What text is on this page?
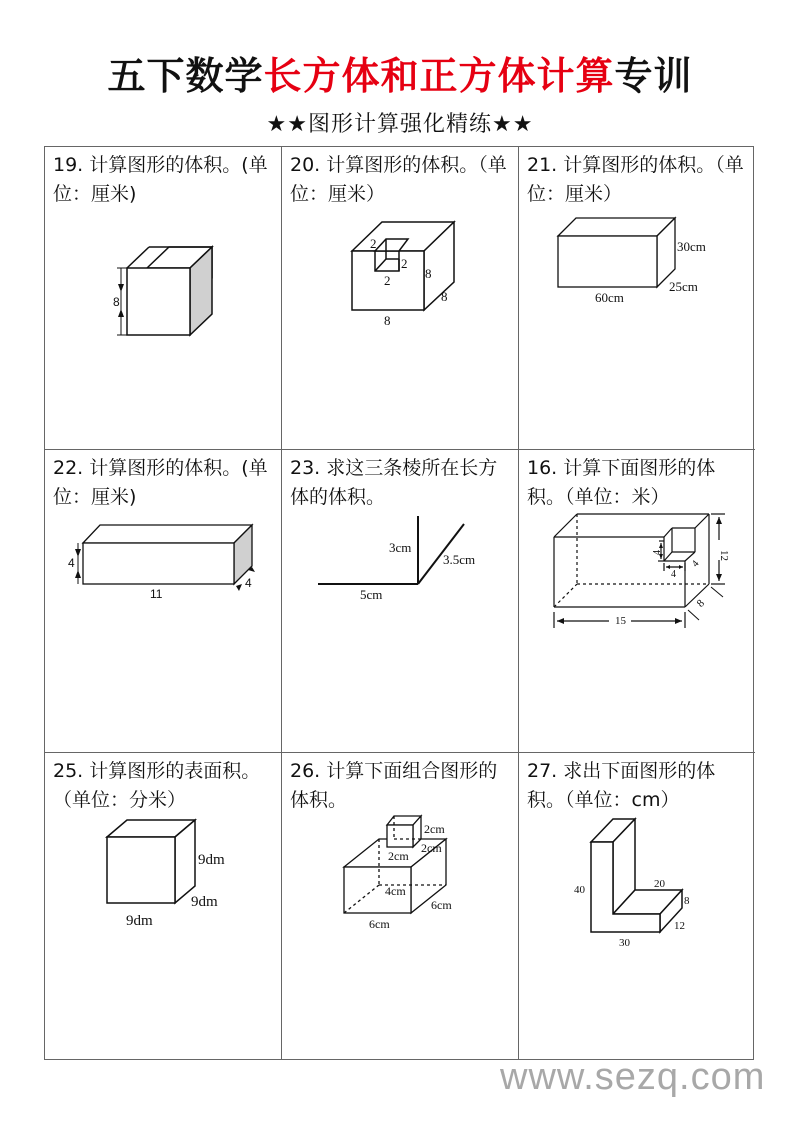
五下数学长方体和正方体计算专训
★★图形计算强化精练★★
19. 计算图形的体积。(单位：厘米)
8
20. 计算图形的体积。（单位：厘米）
2
2
2	8
8
8
21. 计算图形的体积。（单位：厘米）
30cm
25cm
60cm
22. 计算图形的体积。(单位：厘米)
4
4
11
23. 求这三条棱所在长方体的体积。
3cm
3.5cm
5cm
16. 计算下面图形的体积。（单位：米）
15
12
4
4
4
8
25. 计算图形的表面积。（单位：分米）
9dm
9dm
9dm
26. 计算下面组合图形的体积。
2cm
2cm
2cm
4cm
6cm
6cm
27. 求出下面图形的体积。（单位：cm）
40	20
8
12
30
www.sezq.com
